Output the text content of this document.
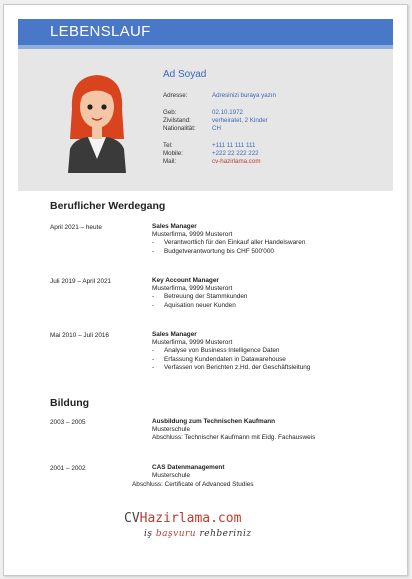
LEBENSLAUF
Ad Soyad
Adresse:	Adresinizi buraya yazın
Geb:	02.10.1972
Zivilstand:	verheiratet, 2 Kinder
Nationalität:	CH
Tel:	+111 11 111 111
Mobile:	+222 22 222 222
Mail:	cv-hazirlama.com
Beruflicher Werdegang
April 2021 – heute	Sales Manager
Musterfirma, 9999 Musterort
- Verantwortlich für den Einkauf aller Handelswaren
- Budgetverantwortung bis CHF 500'000
Juli 2019 – April 2021	Key Account Manager
Musterfirma, 9999 Musterort
- Betreuung der Stammkunden
- Aquisation neuer Kunden
Mai 2010 – Juli 2016	Sales Manager
Musterfirma, 9999 Musterort
- Analyse von Business Intelligence Daten
- Erfassung Kundendaten in Datawarehouse
- Verfassen von Berichten z.Hd. der Geschäftsleitung
Bildung
2003 – 2005	Ausbildung zum Technischen Kaufmann
Musterschule
Abschluss: Technischer Kaufmann mit Eidg. Fachausweis
2001 – 2002	CAS Datenmanagement
Musterschule
Abschluss: Certificate of Advanced Studies
CVHazirlama.com
iş başvuru rehberiniz
